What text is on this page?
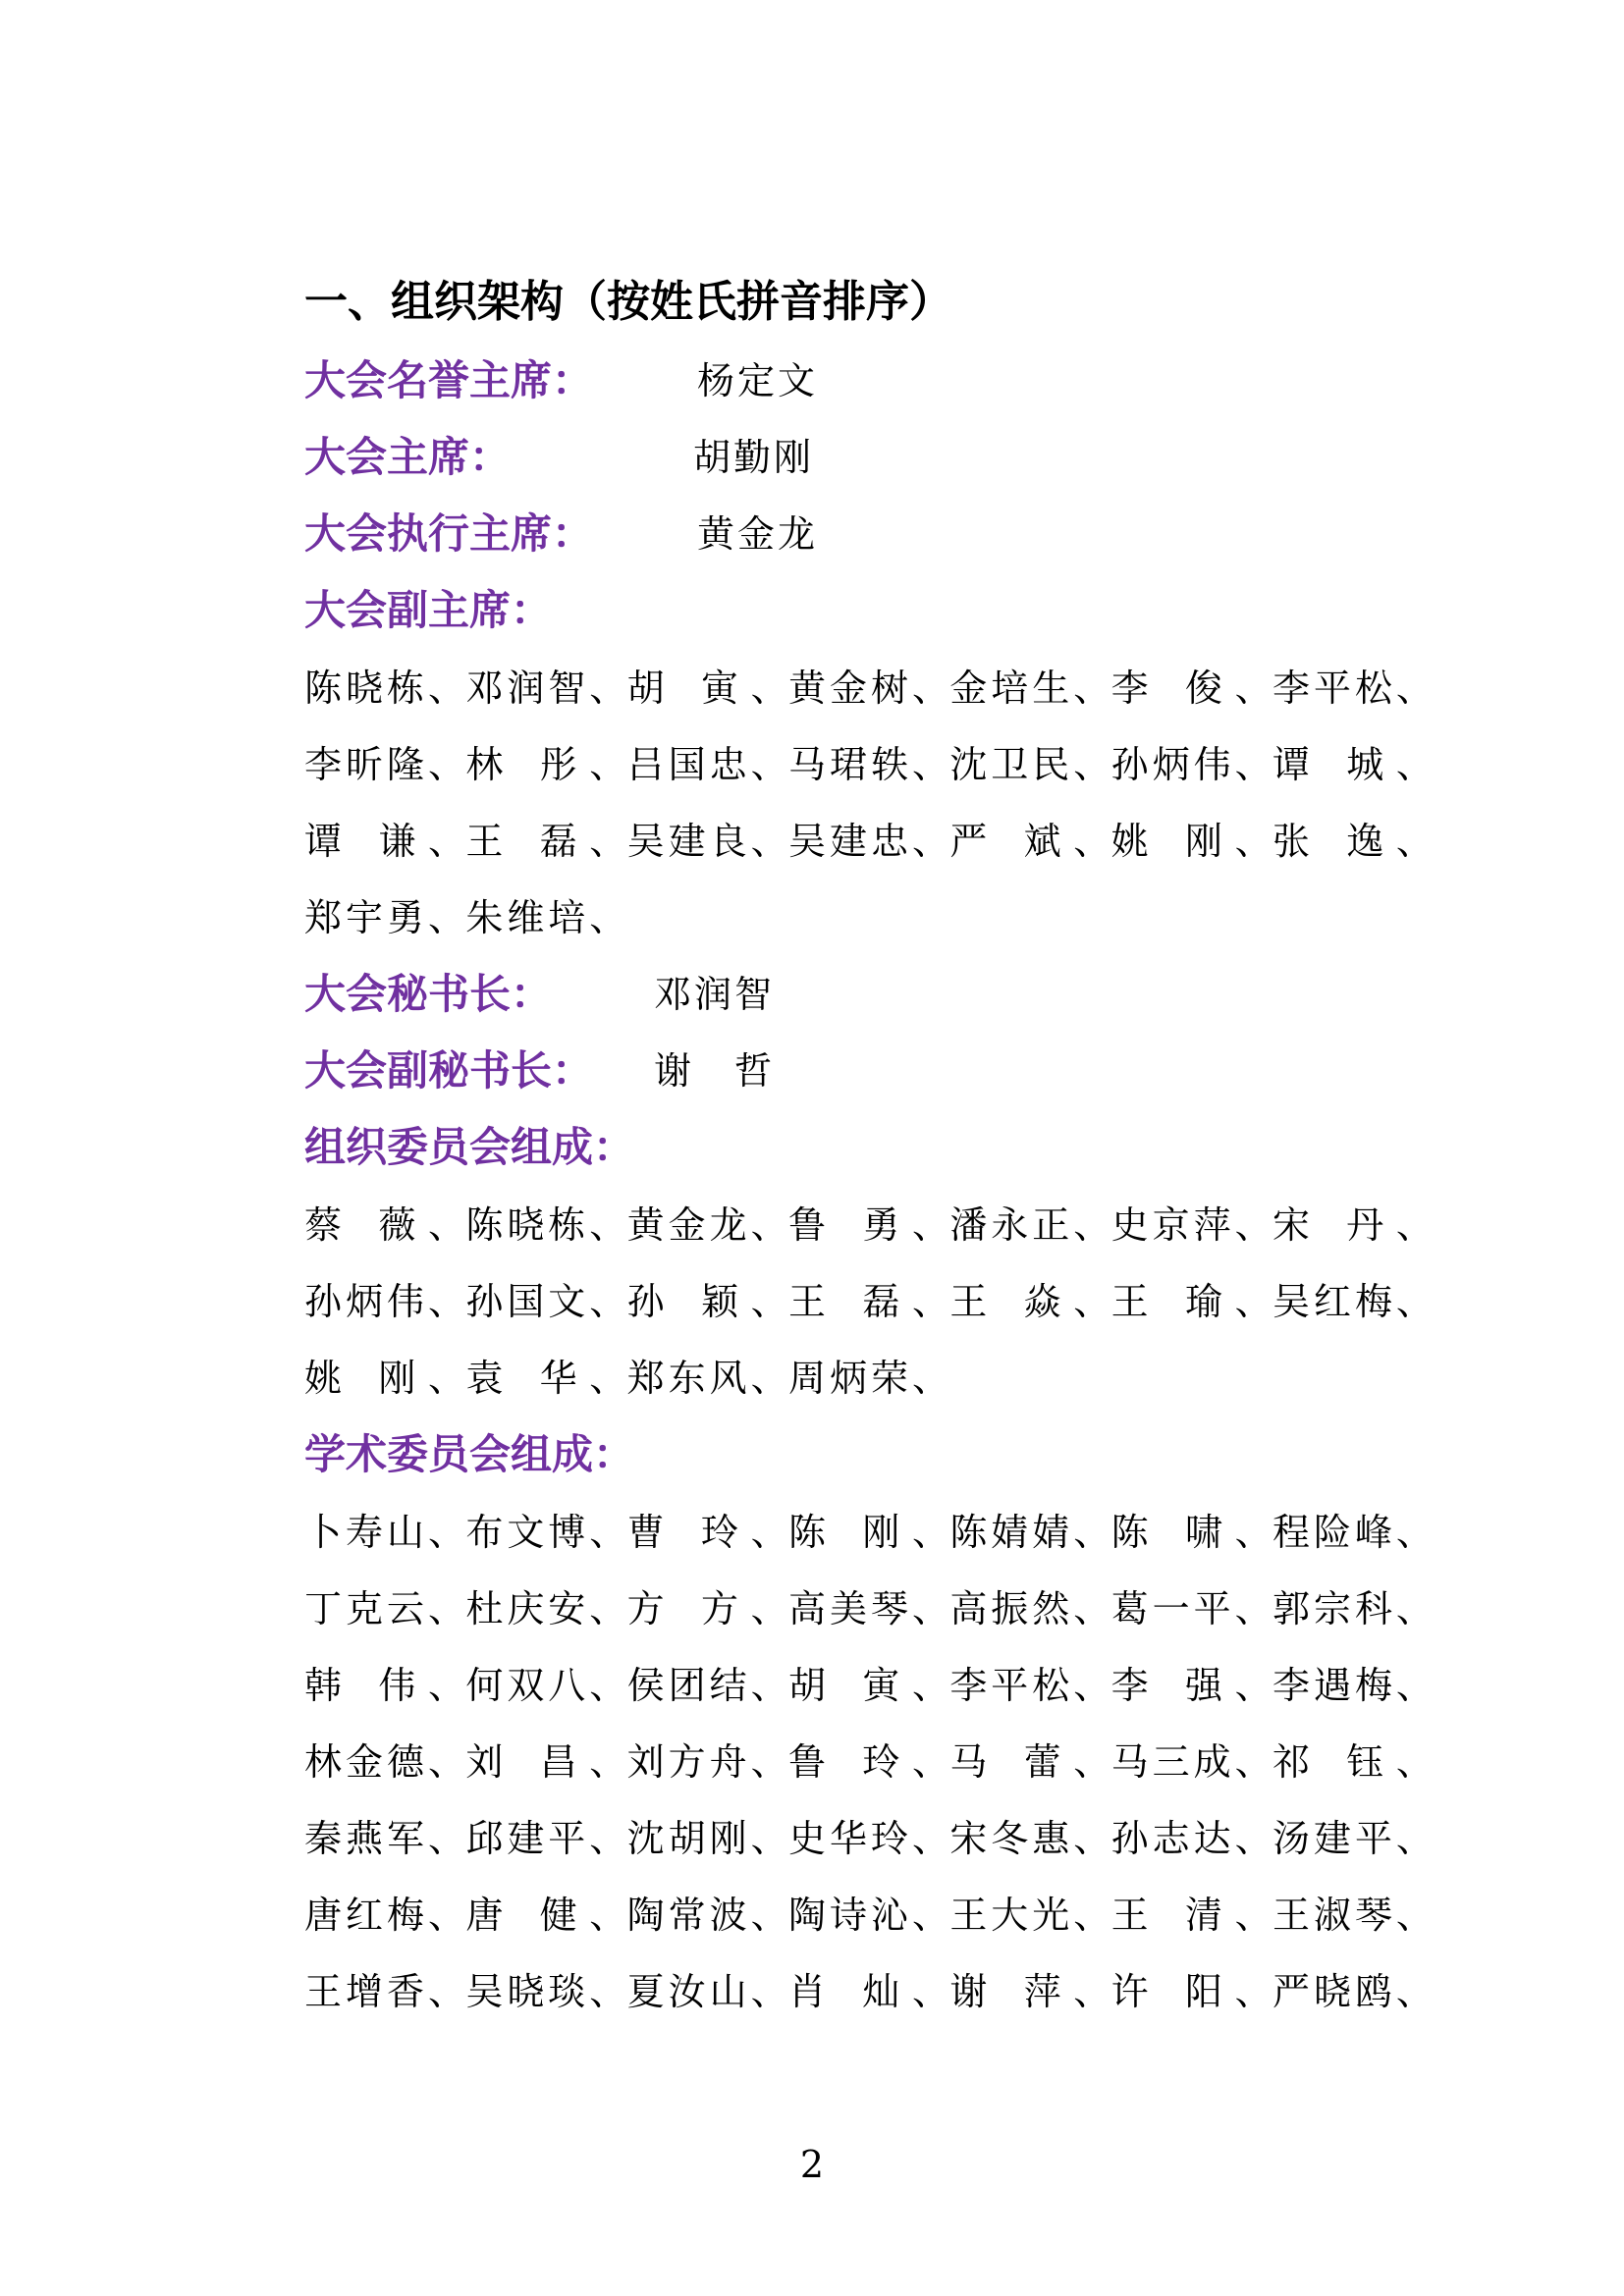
一、组织架构（按姓氏拼音排序）
大会名誉主席：	杨定文
大会主席：	胡勤刚
大会执行主席：	黄金龙
大会副主席：
陈 晓 栋 、 邓 润 智 、 胡
寅 、 黄 金 树 、 金 培 生 、 李
俊 、 李 平 松 、
李 昕 隆 、 林
彤 、 吕 国 忠 、 马 珺 轶 、 沈 卫 民 、 孙 炳 伟 、 谭
城 、
谭
谦 、 王
磊 、 吴 建 良 、 吴 建 忠 、 严
斌 、 姚
刚 、 张
逸 、
郑 宇 勇 、 朱 维 培 、
大会秘书长：	邓润智
大会副秘书长： 谢　哲
组织委员会组成：
蔡
薇 、 陈 晓 栋 、 黄 金 龙 、 鲁
勇 、 潘 永 正 、 史 京 萍 、 宋
丹 、
孙 炳 伟 、 孙 国 文 、 孙
颖 、 王
磊 、 王
焱 、 王
瑜 、 吴 红 梅 、
姚
刚 、 袁
华 、 郑 东 风 、 周 炳 荣 、
学术委员会组成：
卜 寿 山 、 布 文 博 、 曹
玲 、 陈
刚 、 陈 婧 婧 、 陈
啸 、 程 险 峰 、
丁 克 云 、 杜 庆 安 、 方
方 、 高 美 琴 、 高 振 然 、 葛 一 平 、 郭 宗 科 、
韩
伟 、 何 双 八 、 侯 团 结 、 胡
寅 、 李 平 松 、 李
强 、 李 遇 梅 、
林 金 德 、 刘
昌 、 刘 方 舟 、 鲁
玲 、 马
蕾 、 马 三 成 、 祁
钰 、
秦 燕 军 、 邱 建 平 、 沈 胡 刚 、 史 华 玲 、 宋 冬 惠 、 孙 志 达 、 汤 建 平 、
唐 红 梅 、 唐
健 、 陶 常 波 、 陶 诗 沁 、 王 大 光 、 王
清 、 王 淑 琴 、
王 增 香 、 吴 晓 琰 、 夏 汝 山 、 肖
灿 、 谢
萍 、 许
阳 、 严 晓 鸥 、
2
